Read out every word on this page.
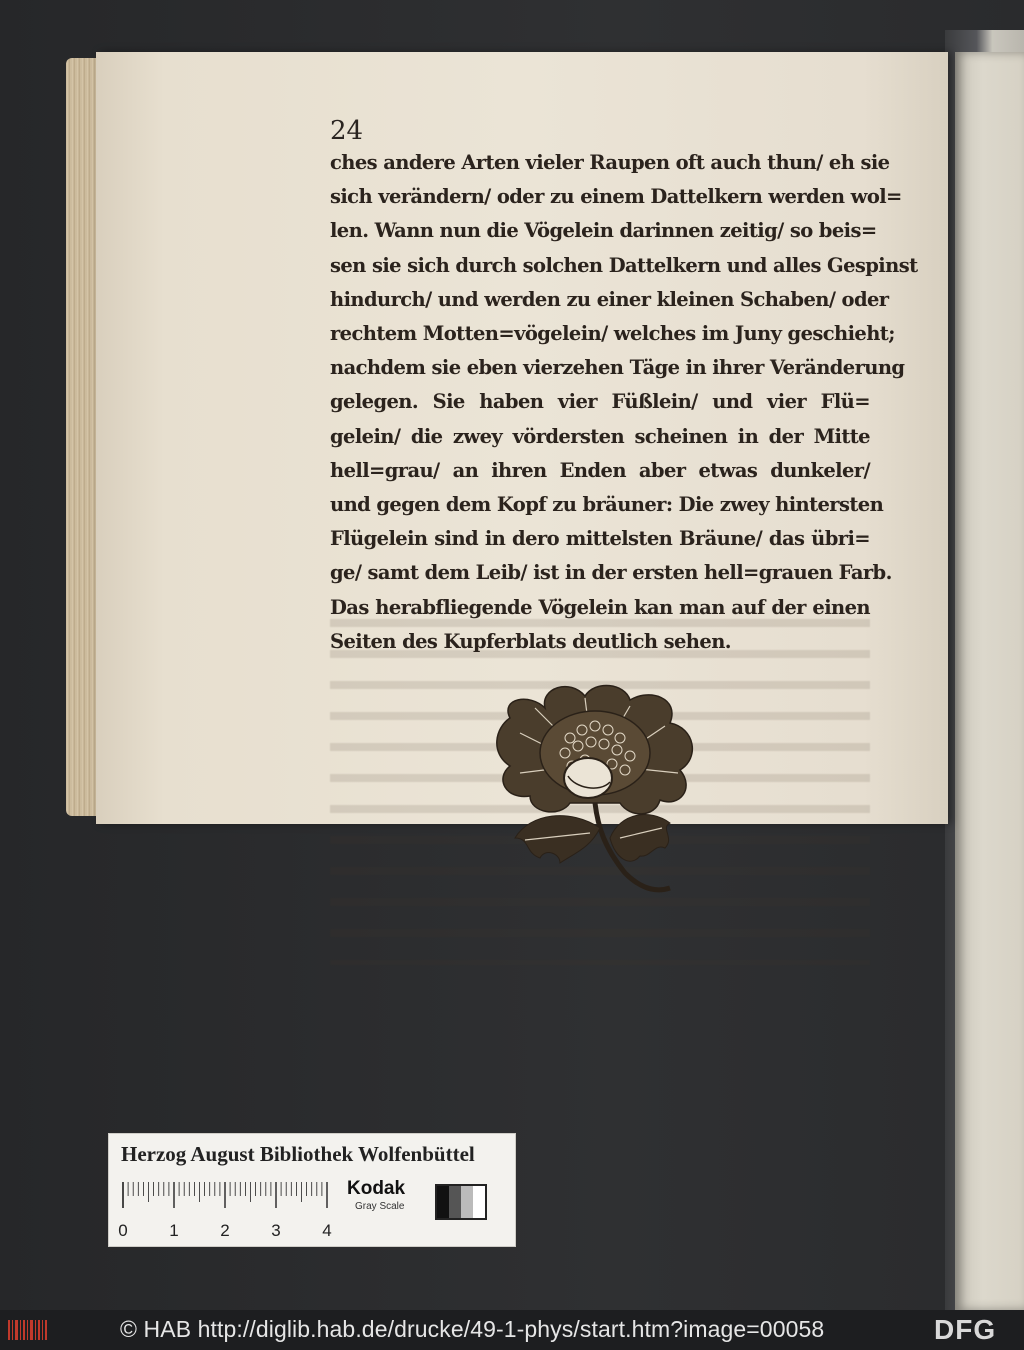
24
ches andere Arten vieler Raupen oft auch thun/ eh sie
sich verändern/ oder zu einem Dattelkern werden wol=
len. Wann nun die Vögelein darinnen zeitig/ so beis=
sen sie sich durch solchen Dattelkern und alles Gespinst
hindurch/ und werden zu einer kleinen Schaben/ oder
rechtem Motten=vögelein/ welches im Juny geschieht;
nachdem sie eben vierzehen Täge in ihrer Veränderung
gelegen. Sie haben vier Füßlein/ und vier Flü=
gelein/ die zwey vördersten scheinen in der Mitte
hell=grau/ an ihren Enden aber etwas dunkeler/
und gegen dem Kopf zu bräuner: Die zwey hintersten
Flügelein sind in dero mittelsten Bräune/ das übri=
ge/ samt dem Leib/ ist in der ersten hell=grauen Farb.
Das herabfliegende Vögelein kan man auf der einen
Seiten des Kupferblats deutlich sehen.
Herzog August Bibliothek Wolfenbüttel
0 1 2 3 4
Kodak
Gray Scale
© HAB http://diglib.hab.de/drucke/49-1-phys/start.htm?image=00058	DFG
